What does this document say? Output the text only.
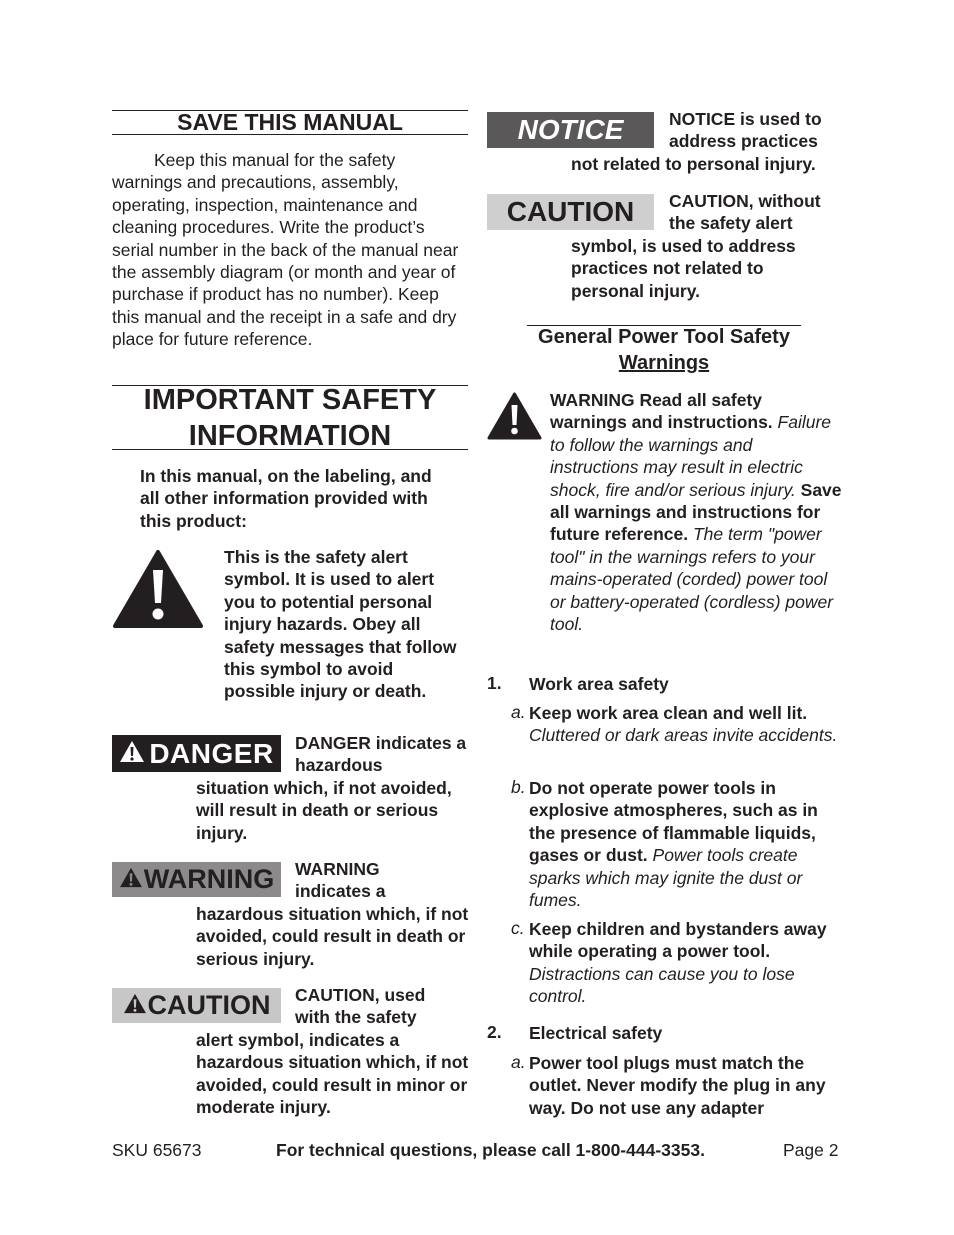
SAVE THIS MANUAL
Keep this manual for the safety warnings and precautions, assembly, operating, inspection, maintenance and cleaning procedures. Write the product’s serial number in the back of the manual near the assembly diagram (or month and year of purchase if product has no number). Keep this manual and the receipt in a safe and dry place for future reference.
IMPORTANT SAFETY
INFORMATION
In this manual, on the labeling, and all other information provided with this product:
This is the safety alert symbol. It is used to alert you to potential personal injury hazards. Obey all safety messages that follow this symbol to avoid possible injury or death.
DANGER DANGER indicates a hazardous
situation which, if not avoided, will result in death or serious injury.
WARNING WARNING indicates a
hazardous situation which, if not avoided, could result in death or serious injury.
CAUTION CAUTION, used with the safety
alert symbol, indicates a hazardous situation which, if not avoided, could result in minor or moderate injury.
NOTICE	NOTICE is used to address practices
not related to personal injury.
CAUTION CAUTION, without the safety alert
symbol, is used to address practices not related to personal injury.
General Power Tool Safety
Warnings
WARNING Read all safety warnings and instructions. Failure to follow the warnings and instructions may result in electric shock, fire and/or serious injury. Save all warnings and instructions for future reference. The term "power tool" in the warnings refers to your mains-operated (corded) power tool or battery-operated (cordless) power tool.
1. Work area safety
a. Keep work area clean and well lit. Cluttered or dark areas invite accidents.
b. Do not operate power tools in explosive atmospheres, such as in the presence of flammable liquids, gases or dust. Power tools create sparks which may ignite the dust or fumes.
c. Keep children and bystanders away while operating a power tool. Distractions can cause you to lose control.
2. Electrical safety
a. Power tool plugs must match the outlet. Never modify the plug in any way. Do not use any adapter
SKU 65673	For technical questions, please call 1-800-444-3353.	Page 2
